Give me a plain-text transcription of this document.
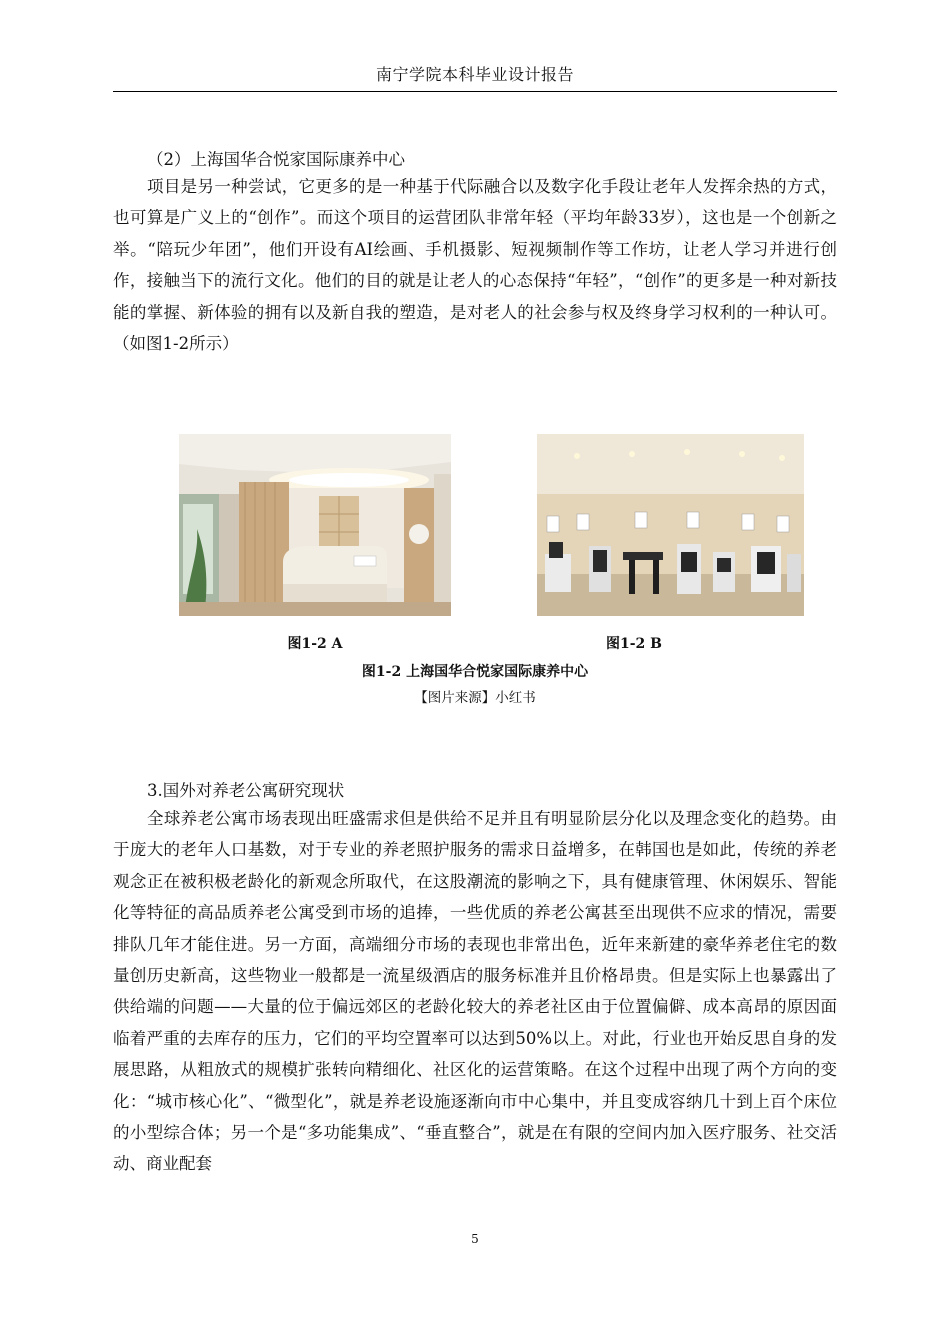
南宁学院本科毕业设计报告
（2）上海国华合悦家国际康养中心

项目是另一种尝试，它更多的是一种基于代际融合以及数字化手段让老年人发挥余热的方式，也可算是广义上的“创作”。而这个项目的运营团队非常年轻（平均年龄33岁），这也是一个创新之举。“陪玩少年团”，他们开设有AI绘画、手机摄影、短视频制作等工作坊，让老人学习并进行创作，接触当下的流行文化。他们的目的就是让老人的心态保持“年轻”，“创作”的更多是一种对新技能的掌握、新体验的拥有以及新自我的塑造，是对老人的社会参与权及终身学习权利的一种认可。（如图1-2所示）

图1-2 A	图1-2 B
图1-2 上海国华合悦家国际康养中心
【图片来源】小红书
3.国外对养老公寓研究现状

全球养老公寓市场表现出旺盛需求但是供给不足并且有明显阶层分化以及理念变化的趋势。由于庞大的老年人口基数，对于专业的养老照护服务的需求日益增多，在韩国也是如此，传统的养老观念正在被积极老龄化的新观念所取代，在这股潮流的影响之下，具有健康管理、休闲娱乐、智能化等特征的高品质养老公寓受到市场的追捧，一些优质的养老公寓甚至出现供不应求的情况，需要排队几年才能住进。另一方面，高端细分市场的表现也非常出色，近年来新建的豪华养老住宅的数量创历史新高，这些物业一般都是一流星级酒店的服务标准并且价格昂贵。但是实际上也暴露出了供给端的问题——大量的位于偏远郊区的老龄化较大的养老社区由于位置偏僻、成本高昂的原因面临着严重的去库存的压力，它们的平均空置率可以达到50%以上。对此，行业也开始反思自身的发展思路，从粗放式的规模扩张转向精细化、社区化的运营策略。在这个过程中出现了两个方向的变化：“城市核心化”、“微型化”，就是养老设施逐渐向市中心集中，并且变成容纳几十到上百个床位的小型综合体；另一个是“多功能集成”、“垂直整合”，就是在有限的空间内加入医疗服务、社交活动、商业配套

5
